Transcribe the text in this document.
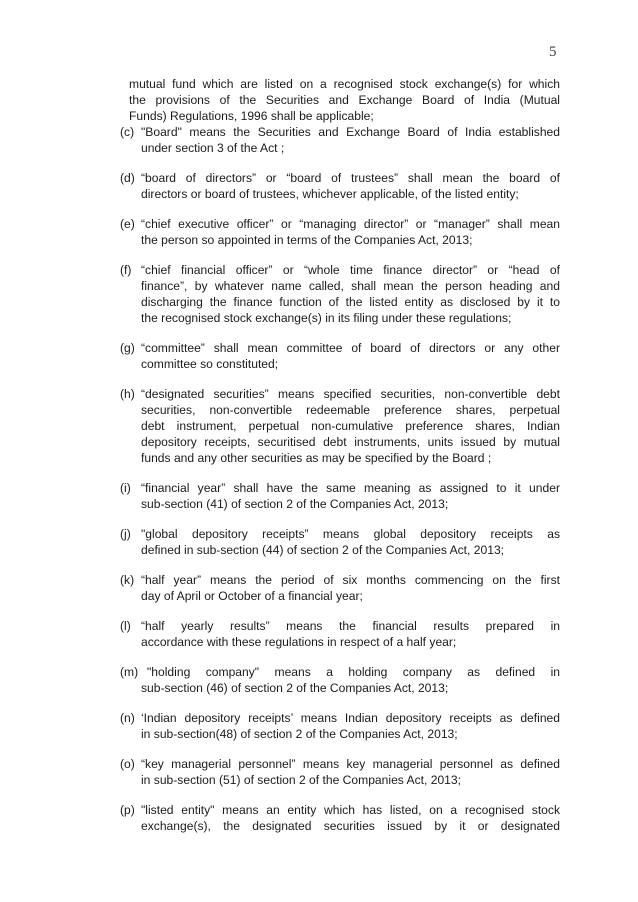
5
mutual fund which are listed on a recognised stock exchange(s) for which
the provisions of the Securities and Exchange Board of India (Mutual
Funds) Regulations, 1996 shall be applicable;
(c) "Board" means the Securities and Exchange Board of India established
under section 3 of the Act ;
(d) “board of directors” or “board of trustees” shall mean the board of
directors or board of trustees, whichever applicable, of the listed entity;
(e) “chief executive officer” or “managing director” or “manager” shall mean
the person so appointed in terms of the Companies Act, 2013;
(f) “chief financial officer” or “whole time finance director” or “head of
finance”, by whatever name called, shall mean the person heading and
discharging the finance function of the listed entity as disclosed by it to
the recognised stock exchange(s) in its filing under these regulations;
(g) “committee” shall mean committee of board of directors or any other
committee so constituted;
(h) “designated securities” means specified securities, non-convertible debt
securities, non-convertible redeemable preference shares, perpetual
debt instrument, perpetual non-cumulative preference shares, Indian
depository receipts, securitised debt instruments, units issued by mutual
funds and any other securities as may be specified by the Board ;
(i) “financial year” shall have the same meaning as assigned to it under
sub-section (41) of section 2 of the Companies Act, 2013;
(j) "global depository receipts” means global depository receipts as
defined in sub-section (44) of section 2 of the Companies Act, 2013;
(k) “half year” means the period of six months commencing on the first
day of April or October of a financial year;
(l) “half yearly results” means the financial results prepared in
accordance with these regulations in respect of a half year;
(m) "holding company" means a holding company as defined in
sub-section (46) of section 2 of the Companies Act, 2013;
(n) ‘Indian depository receipts’ means Indian depository receipts as defined
in sub-section(48) of section 2 of the Companies Act, 2013;
(o) “key managerial personnel” means key managerial personnel as defined
in sub-section (51) of section 2 of the Companies Act, 2013;
(p) "listed entity" means an entity which has listed, on a recognised stock
exchange(s), the designated securities issued by it or designated
